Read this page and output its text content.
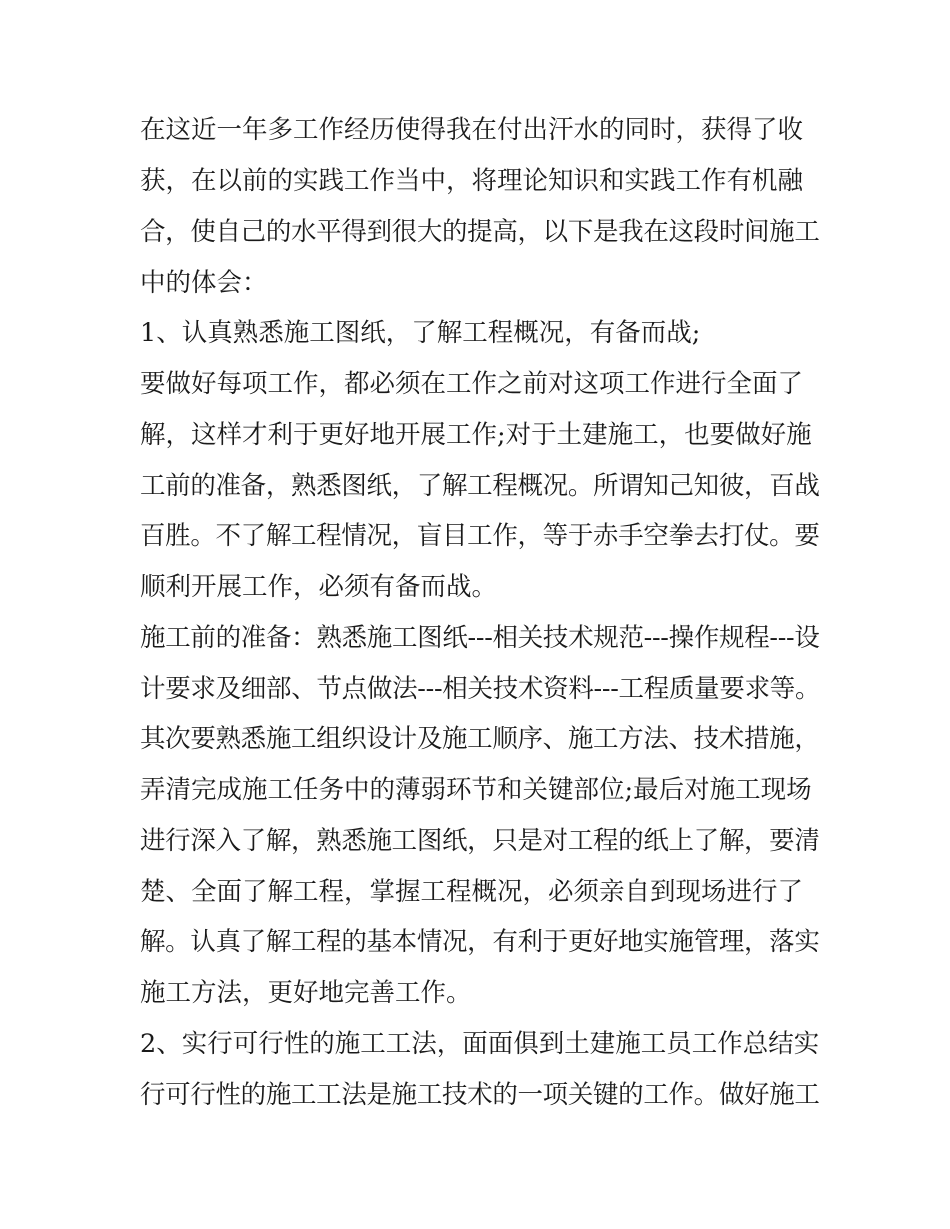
在这近一年多工作经历使得我在付出汗水的同时，获得了收

获，在以前的实践工作当中，将理论知识和实践工作有机融

合，使自己的水平得到很大的提高，以下是我在这段时间施工

中的体会：

1、认真熟悉施工图纸，了解工程概况，有备而战;

要做好每项工作，都必须在工作之前对这项工作进行全面了

解，这样才利于更好地开展工作;对于土建施工，也要做好施

工前的准备，熟悉图纸，了解工程概况。所谓知己知彼，百战

百胜。不了解工程情况，盲目工作，等于赤手空拳去打仗。要

顺利开展工作，必须有备而战。

施工前的准备：熟悉施工图纸---相关技术规范---操作规程---设

计要求及细部、节点做法---相关技术资料---工程质量要求等。

其次要熟悉施工组织设计及施工顺序、施工方法、技术措施，

弄清完成施工任务中的薄弱环节和关键部位;最后对施工现场

进行深入了解，熟悉施工图纸，只是对工程的纸上了解，要清

楚、全面了解工程，掌握工程概况，必须亲自到现场进行了

解。认真了解工程的基本情况，有利于更好地实施管理，落实

施工方法，更好地完善工作。

2、实行可行性的施工工法，面面俱到土建施工员工作总结实

行可行性的施工工法是施工技术的一项关键的工作。做好施工
